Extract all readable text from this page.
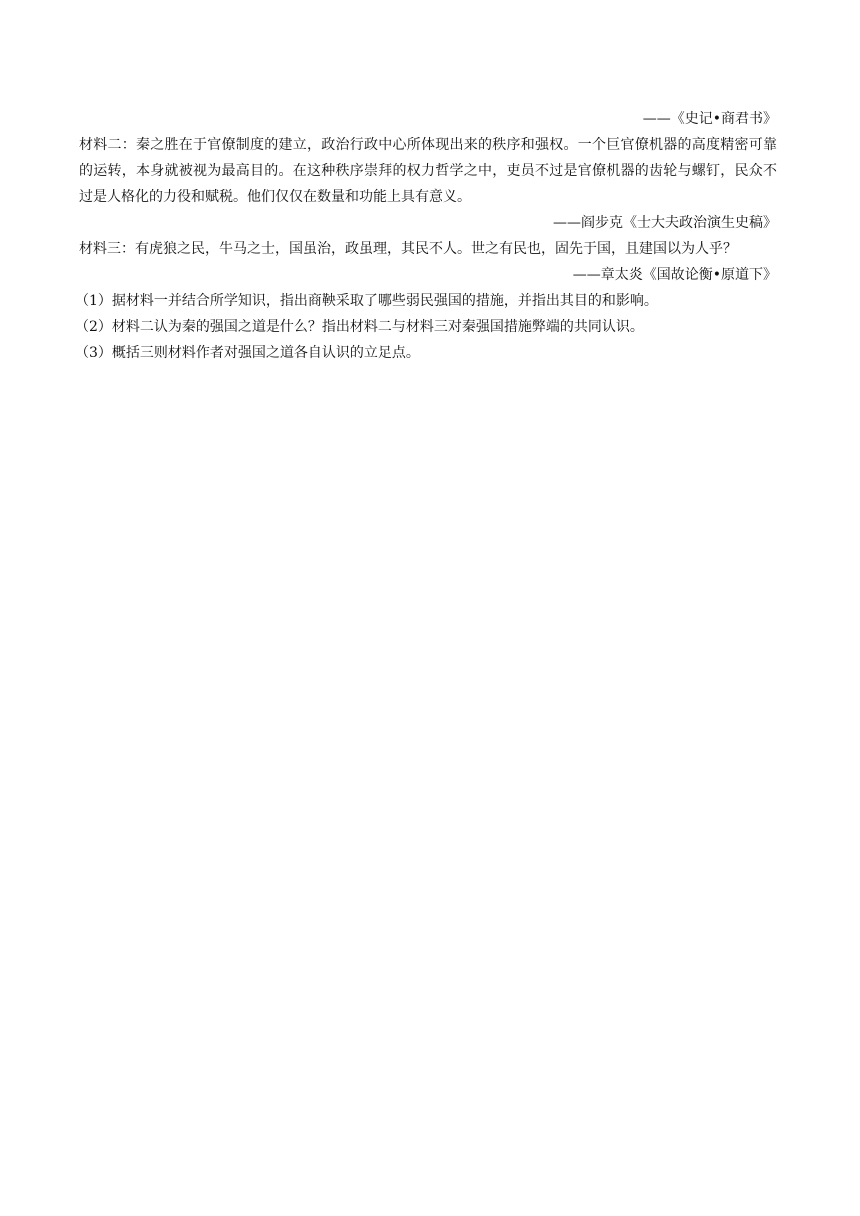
——《史记•商君书》
材料二：秦之胜在于官僚制度的建立，政治行政中心所体现出来的秩序和强权。一个巨官僚机器的高度精密可靠的运转，本身就被视为最高目的。在这种秩序崇拜的权力哲学之中，吏员不过是官僚机器的齿轮与螺钉，民众不过是人格化的力役和赋税。他们仅仅在数量和功能上具有意义。
——阎步克《士大夫政治演生史稿》
材料三：有虎狼之民，牛马之士，国虽治，政虽理，其民不人。世之有民也，固先于国，且建国以为人乎？
——章太炎《国故论衡•原道下》
（1）据材料一并结合所学知识，指出商鞅采取了哪些弱民强国的措施，并指出其目的和影响。
（2）材料二认为秦的强国之道是什么？指出材料二与材料三对秦强国措施弊端的共同认识。
（3）概括三则材料作者对强国之道各自认识的立足点。
